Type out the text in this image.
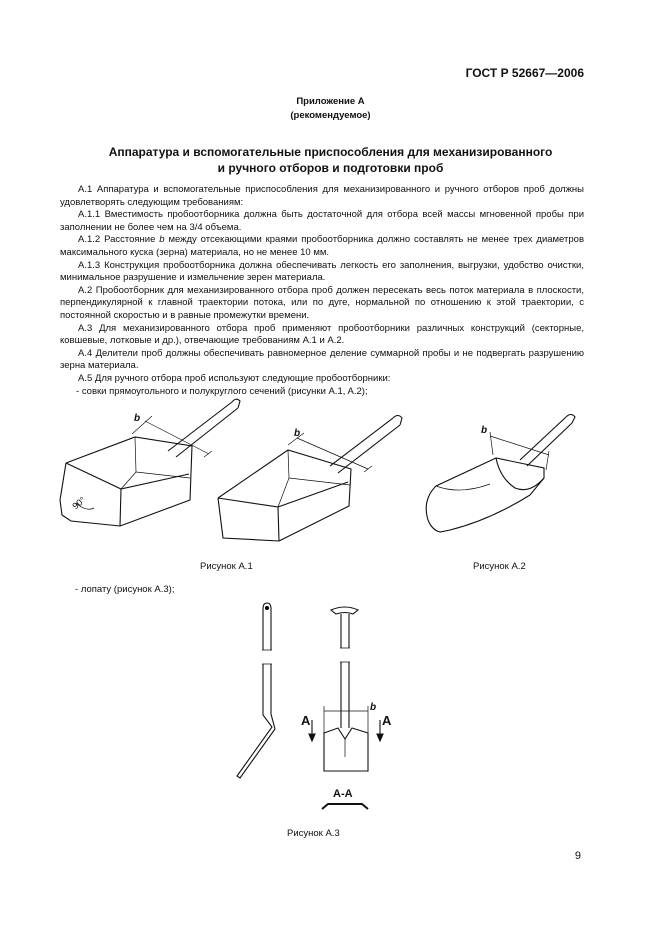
ГОСТ Р 52667—2006
Приложение А
(рекомендуемое)
Аппаратура и вспомогательные приспособления для механизированного
и ручного отборов и подготовки проб

A.1 Аппаратура и вспомогательные приспособления для механизированного и ручного отборов проб должны удовлетворять следующим требованиям:

A.1.1 Вместимость пробоотборника должна быть достаточной для отбора всей массы мгновенной пробы при заполнении не более чем на 3/4 объема.

A.1.2 Расстояние b между отсекающими краями пробоотборника должно составлять не менее трех диаметров максимального куска (зерна) материала, но не менее 10 мм.

A.1.3 Конструкция пробоотборника должна обеспечивать легкость его заполнения, выгрузки, удобство очистки, минимальное разрушение и измельчение зерен материала.

A.2 Пробоотборник для механизированного отбора проб должен пересекать весь поток материала в плоскости, перпендикулярной к главной траектории потока, или по дуге, нормальной по отношению к этой траектории, с постоянной скоростью и в равные промежутки времени.

A.3 Для механизированного отбора проб применяют пробоотборники различных конструкций (секторные, ковшевые, лотковые и др.), отвечающие требованиям A.1 и A.2.

A.4 Делители проб должны обеспечивать равномерное деление суммарной пробы и не подвергать разрушению зерна материала.

A.5 Для ручного отбора проб используют следующие пробоотборники:

- совки прямоугольного и полукруглого сечений (рисунки A.1, A.2);

b
90°
b	b
Рисунок A.1	Рисунок A.2
- лопату (рисунок A.3);
b
A	A
A-A
Рисунок A.3
9
